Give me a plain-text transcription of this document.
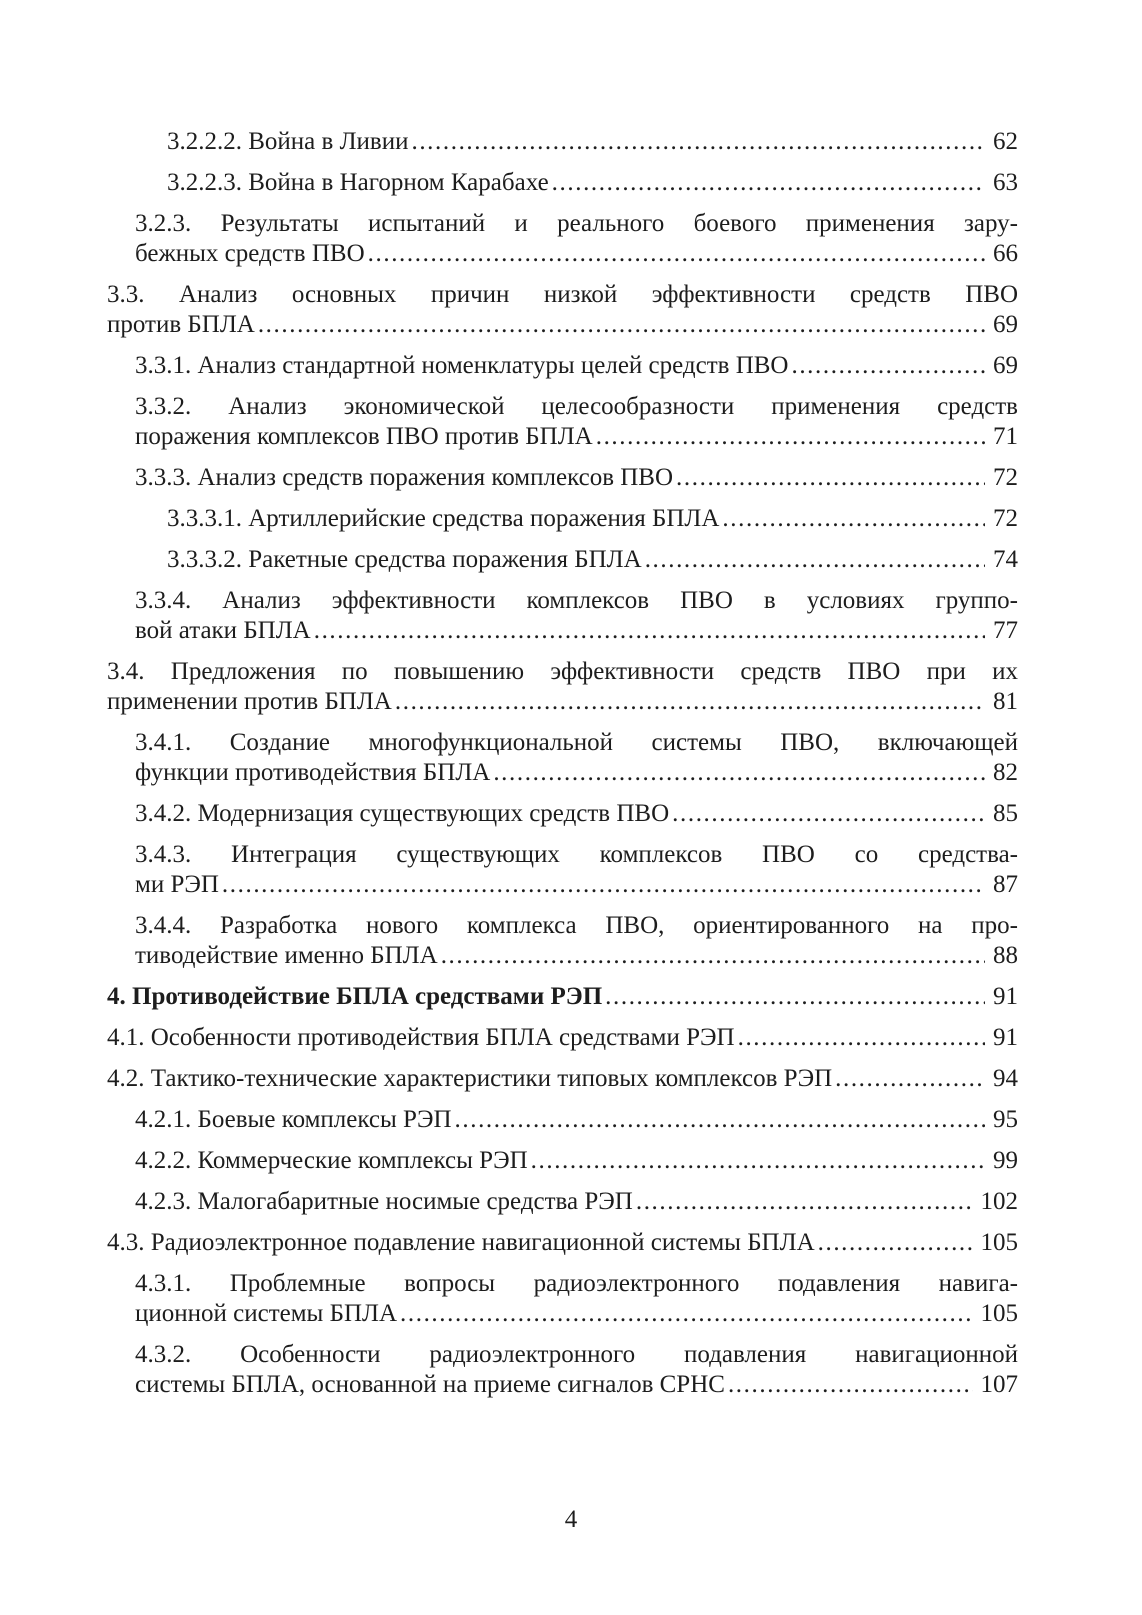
3.2.2.2. Война в Ливии .....	62
3.2.2.3. Война в Нагорном Карабахе .....	63
3.2.3. Результаты испытаний и реального боевого применения зару-
бежных средств ПВО .....	66
3.3. Анализ основных причин низкой эффективности средств ПВО
против БПЛА .....	69
3.3.1. Анализ стандартной номенклатуры целей средств ПВО .....	69
3.3.2. Анализ экономической целесообразности применения средств
поражения комплексов ПВО против БПЛА .....	71
3.3.3. Анализ средств поражения комплексов ПВО .....	72
3.3.3.1. Артиллерийские средства поражения БПЛА .....	72
3.3.3.2. Ракетные средства поражения БПЛА .....	74
3.3.4. Анализ эффективности комплексов ПВО в условиях группо-
вой атаки БПЛА .....	77
3.4. Предложения по повышению эффективности средств ПВО при их
применении против БПЛА .....	81
3.4.1. Создание многофункциональной системы ПВО, включающей
функции противодействия БПЛА .....	82
3.4.2. Модернизация существующих средств ПВО .....	85
3.4.3. Интеграция существующих комплексов ПВО со средства-
ми РЭП .....	87
3.4.4. Разработка нового комплекса ПВО, ориентированного на про-
тиводействие именно БПЛА .....	88
4. Противодействие БПЛА средствами РЭП .....	91
4.1. Особенности противодействия БПЛА средствами РЭП .....	91
4.2. Тактико-технические характеристики типовых комплексов РЭП .....	94
4.2.1. Боевые комплексы РЭП .....	95
4.2.2. Коммерческие комплексы РЭП .....	99
4.2.3. Малогабаритные носимые средства РЭП .....	102
4.3. Радиоэлектронное подавление навигационной системы БПЛА .....	105
4.3.1. Проблемные вопросы радиоэлектронного подавления навига-
ционной системы БПЛА .....	105
4.3.2. Особенности радиоэлектронного подавления навигационной
системы БПЛА, основанной на приеме сигналов СРНС .....	107
4
